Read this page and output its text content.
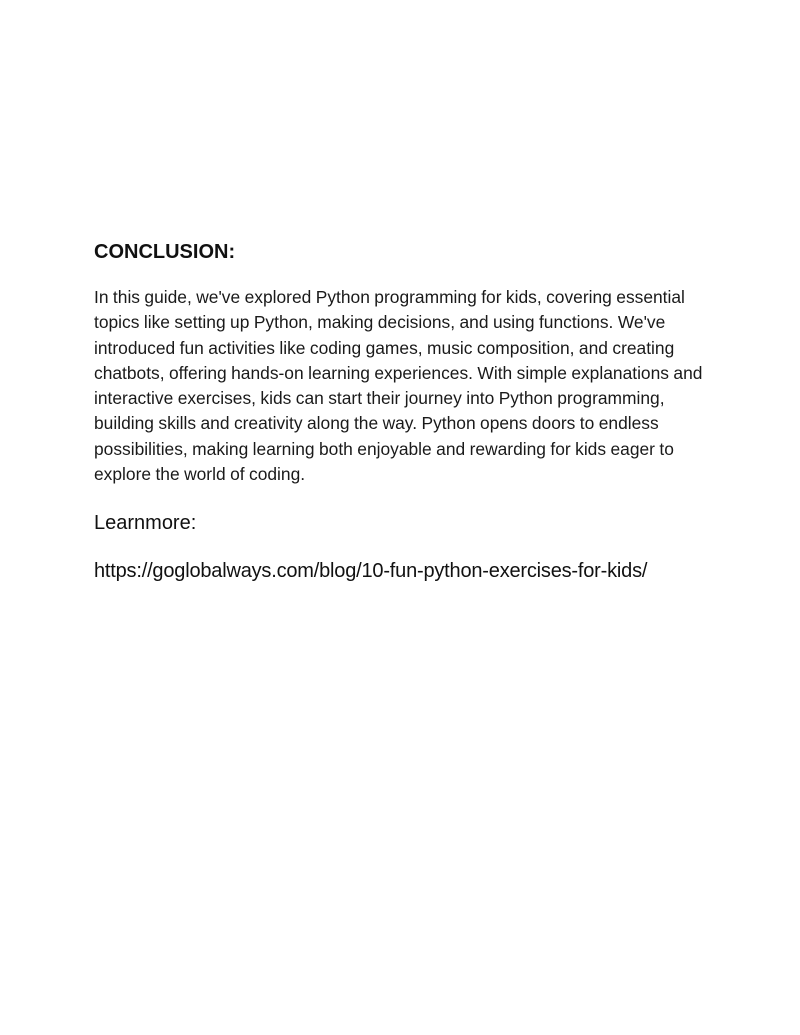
CONCLUSION:

In this guide, we've explored Python programming for kids, covering essential topics like setting up Python, making decisions, and using functions. We've introduced fun activities like coding games, music composition, and creating chatbots, offering hands-on learning experiences. With simple explanations and interactive exercises, kids can start their journey into Python programming, building skills and creativity along the way. Python opens doors to endless possibilities, making learning both enjoyable and rewarding for kids eager to explore the world of coding.

Learnmore:

https://goglobalways.com/blog/10-fun-python-exercises-for-kids/
